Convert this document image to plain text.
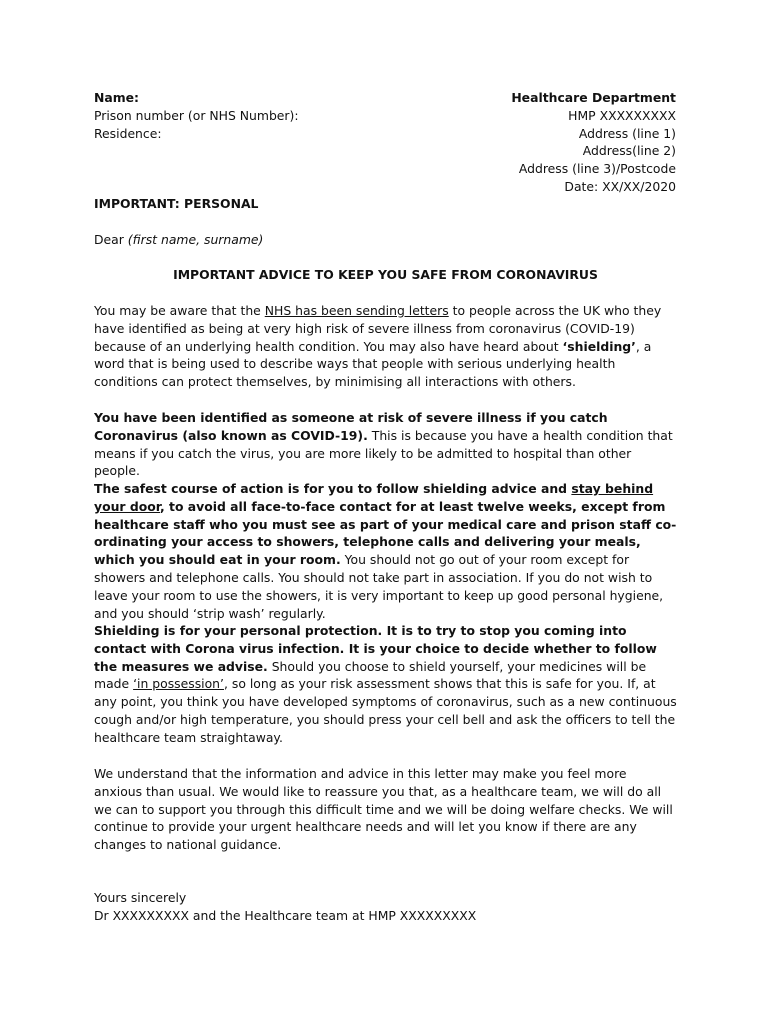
Name:
Prison number (or NHS Number):
Residence:
Healthcare Department
HMP XXXXXXXXX
Address (line 1)
Address(line 2)
Address (line 3)/Postcode
Date: XX/XX/2020
IMPORTANT: PERSONAL
Dear (first name, surname)
IMPORTANT ADVICE TO KEEP YOU SAFE FROM CORONAVIRUS

You may be aware that the NHS has been sending letters to people across the UK who they have identified as being at very high risk of severe illness from coronavirus (COVID-19) because of an underlying health condition. You may also have heard about ‘shielding’, a word that is being used to describe ways that people with serious underlying health conditions can protect themselves, by minimising all interactions with others.

You have been identified as someone at risk of severe illness if you catch Coronavirus (also known as COVID-19). This is because you have a health condition that means if you catch the virus, you are more likely to be admitted to hospital than other people.

The safest course of action is for you to follow shielding advice and stay behind your door, to avoid all face-to-face contact for at least twelve weeks, except from healthcare staff who you must see as part of your medical care and prison staff co-ordinating your access to showers, telephone calls and delivering your meals, which you should eat in your room. You should not go out of your room except for showers and telephone calls. You should not take part in association. If you do not wish to leave your room to use the showers, it is very important to keep up good personal hygiene, and you should ‘strip wash’ regularly.

Shielding is for your personal protection. It is to try to stop you coming into contact with Corona virus infection. It is your choice to decide whether to follow the measures we advise. Should you choose to shield yourself, your medicines will be made ‘in possession’, so long as your risk assessment shows that this is safe for you. If, at any point, you think you have developed symptoms of coronavirus, such as a new continuous cough and/or high temperature, you should press your cell bell and ask the officers to tell the healthcare team straightaway.

We understand that the information and advice in this letter may make you feel more anxious than usual. We would like to reassure you that, as a healthcare team, we will do all we can to support you through this difficult time and we will be doing welfare checks. We will continue to provide your urgent healthcare needs and will let you know if there are any changes to national guidance.

Yours sincerely
Dr XXXXXXXXX and the Healthcare team at HMP XXXXXXXXX
